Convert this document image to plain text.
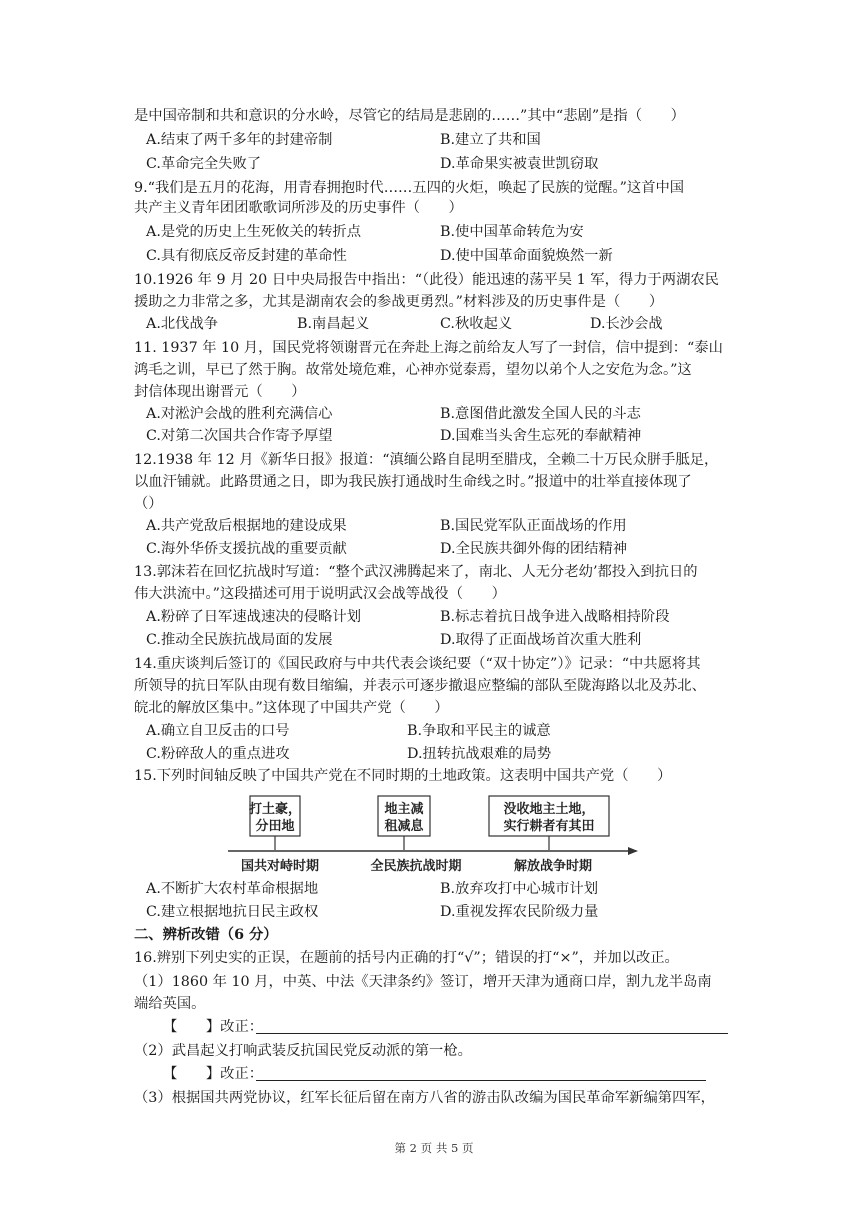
是中国帝制和共和意识的分水岭，尽管它的结局是悲剧的……”其中“悲剧”是指（　　）
A.结束了两千多年的封建帝制	B.建立了共和国
C.革命完全失败了	D.革命果实被袁世凯窃取
9.“我们是五月的花海，用青春拥抱时代……五四的火炬，唤起了民族的觉醒。”这首中国
共产主义青年团团歌歌词所涉及的历史事件（　　）
A.是党的历史上生死攸关的转折点	B.使中国革命转危为安
C.具有彻底反帝反封建的革命性	D.使中国革命面貌焕然一新
10.1926 年 9 月 20 日中央局报告中指出：“（此役）能迅速的荡平吴 1 军，得力于两湖农民
援助之力非常之多，尤其是湖南农会的参战更勇烈。”材料涉及的历史事件是（　　）
A.北伐战争	B.南昌起义	C.秋收起义	D.长沙会战
11. 1937 年 10 月，国民党将领谢晋元在奔赴上海之前给友人写了一封信，信中提到：“泰山
鸿毛之训，早已了然于胸。故常处境危难，心神亦觉泰焉，望勿以弟个人之安危为念。”这
封信体现出谢晋元（　　）
A.对淞沪会战的胜利充满信心	B.意图借此激发全国人民的斗志
C.对第二次国共合作寄予厚望	D.国难当头舍生忘死的奉献精神
12.1938 年 12 月《新华日报》报道：“滇缅公路自昆明至腊戌，全赖二十万民众胼手胝足，
以血汗铺就。此路贯通之日，即为我民族打通战时生命线之时。”报道中的壮举直接体现了
（）
A.共产党敌后根据地的建设成果	B.国民党军队正面战场的作用
C.海外华侨支援抗战的重要贡献	D.全民族共御外侮的团结精神
13.郭沫若在回忆抗战时写道：“整个武汉沸腾起来了，南北、人无分老幼’都投入到抗日的
伟大洪流中。”这段描述可用于说明武汉会战等战役（　　）
A.粉碎了日军速战速决的侵略计划	B.标志着抗日战争进入战略相持阶段
C.推动全民族抗战局面的发展	D.取得了正面战场首次重大胜利
14.重庆谈判后签订的《国民政府与中共代表会谈纪要（“双十协定”）》记录：“中共愿将其
所领导的抗日军队由现有数目缩编，并表示可逐步撤退应整编的部队至陇海路以北及苏北、
皖北的解放区集中。”这体现了中国共产党（　　）
A.确立自卫反击的口号	B.争取和平民主的诚意
C.粉碎敌人的重点进攻	D.扭转抗战艰难的局势
15.下列时间轴反映了中国共产党在不同时期的土地政策。这表明中国共产党（　　）
打土豪，
分田地
地主减
租减息
没收地主土地，
实行耕者有其田
国共对峙时期	全民族抗战时期	解放战争时期
A.不断扩大农村革命根据地	B.放弃攻打中心城市计划
C.建立根据地抗日民主政权	D.重视发挥农民阶级力量
二、辨析改错（6 分）
16.辨别下列史实的正误，在题前的括号内正确的打“√”；错误的打“×”，并加以改正。
（1）1860 年 10 月，中英、中法《天津条约》签订，增开天津为通商口岸，割九龙半岛南
端给英国。
【　　】改正：
（2）武昌起义打响武装反抗国民党反动派的第一枪。
【　　】改正：
（3）根据国共两党协议，红军长征后留在南方八省的游击队改编为国民革命军新编第四军，
第 2 页 共 5 页
